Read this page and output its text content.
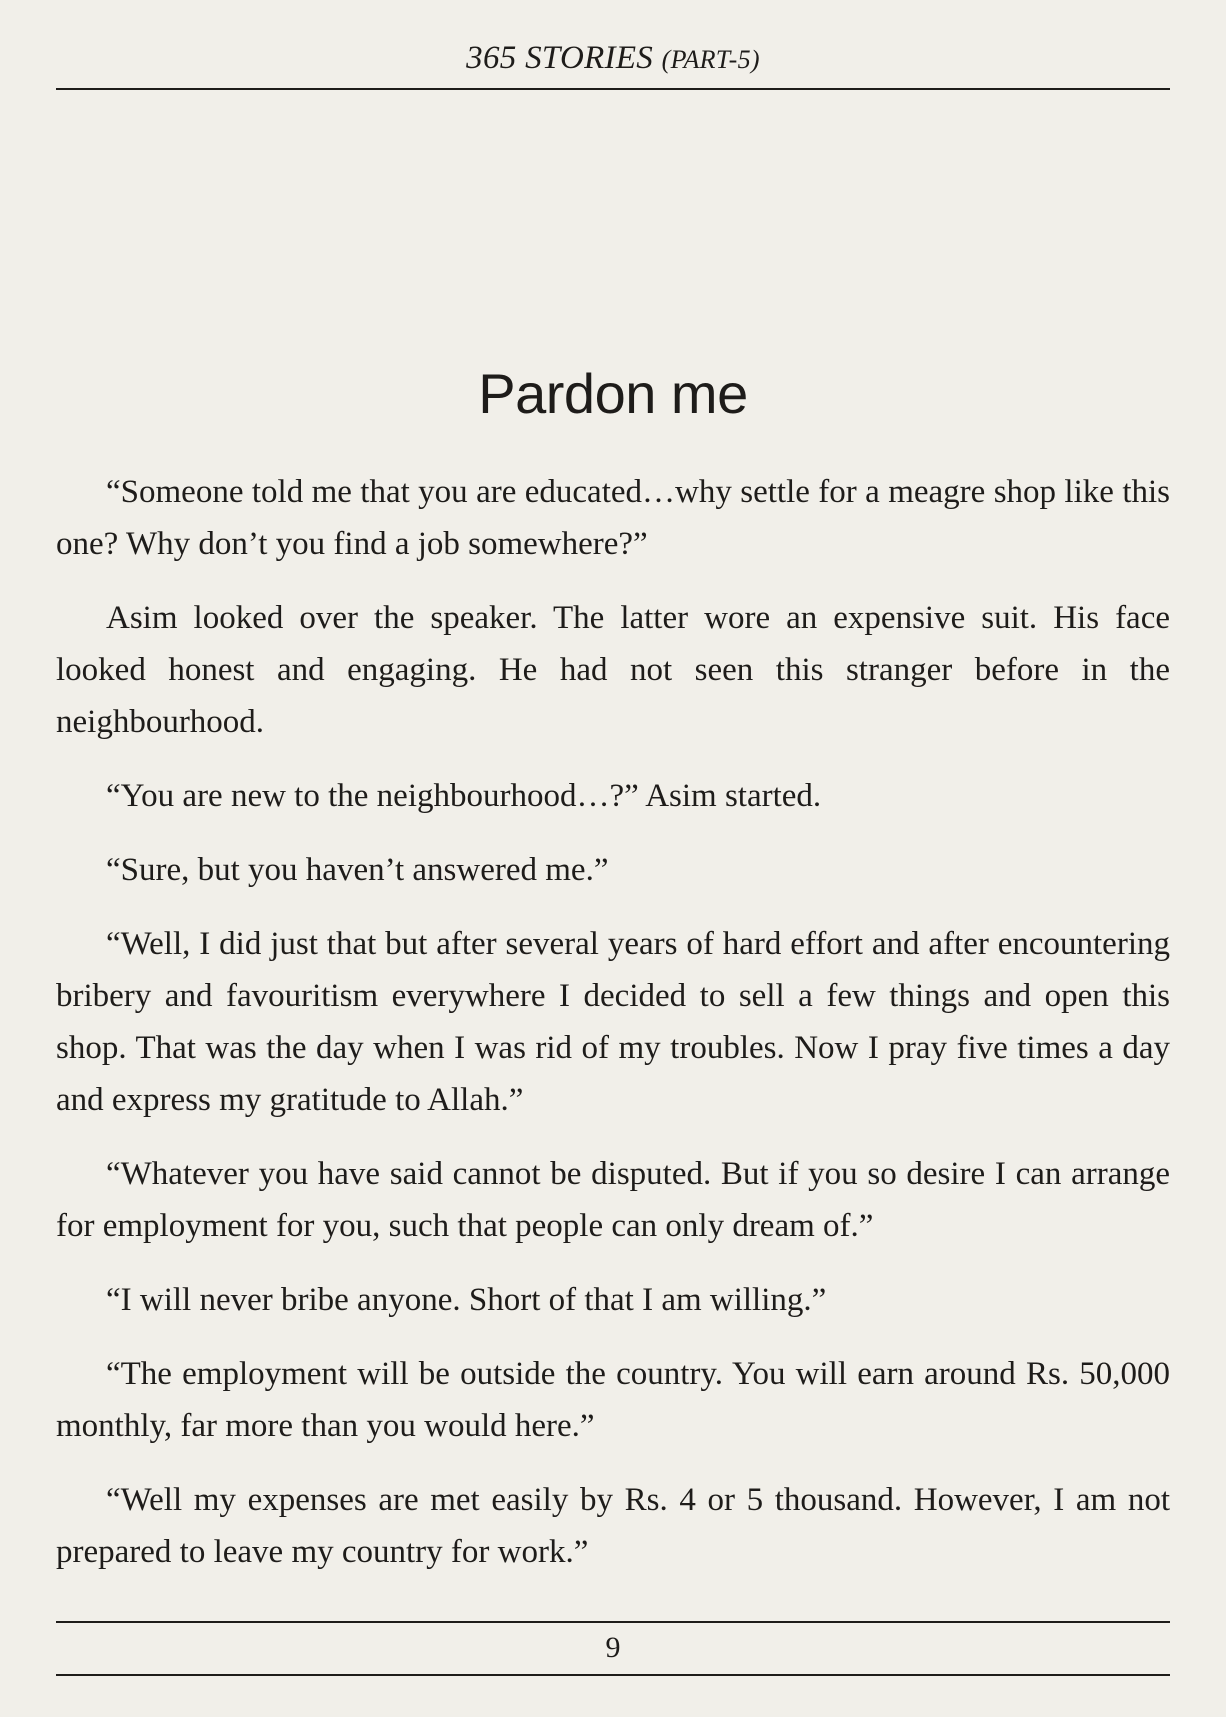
365 STORIES (PART-5)
Pardon me

“Someone told me that you are educated…why settle for a meagre shop like this one? Why don’t you find a job somewhere?”

Asim looked over the speaker. The latter wore an expensive suit. His face looked honest and engaging. He had not seen this stranger before in the neighbourhood.

“You are new to the neighbourhood…?” Asim started.

“Sure, but you haven’t answered me.”

“Well, I did just that but after several years of hard effort and after encountering bribery and favouritism everywhere I decided to sell a few things and open this shop. That was the day when I was rid of my troubles. Now I pray five times a day and express my gratitude to Allah.”

“Whatever you have said cannot be disputed. But if you so desire I can arrange for employment for you, such that people can only dream of.”

“I will never bribe anyone. Short of that I am willing.”

“The employment will be outside the country. You will earn around Rs. 50,000 monthly, far more than you would here.”

“Well my expenses are met easily by Rs. 4 or 5 thousand. However, I am not prepared to leave my country for work.”

9
